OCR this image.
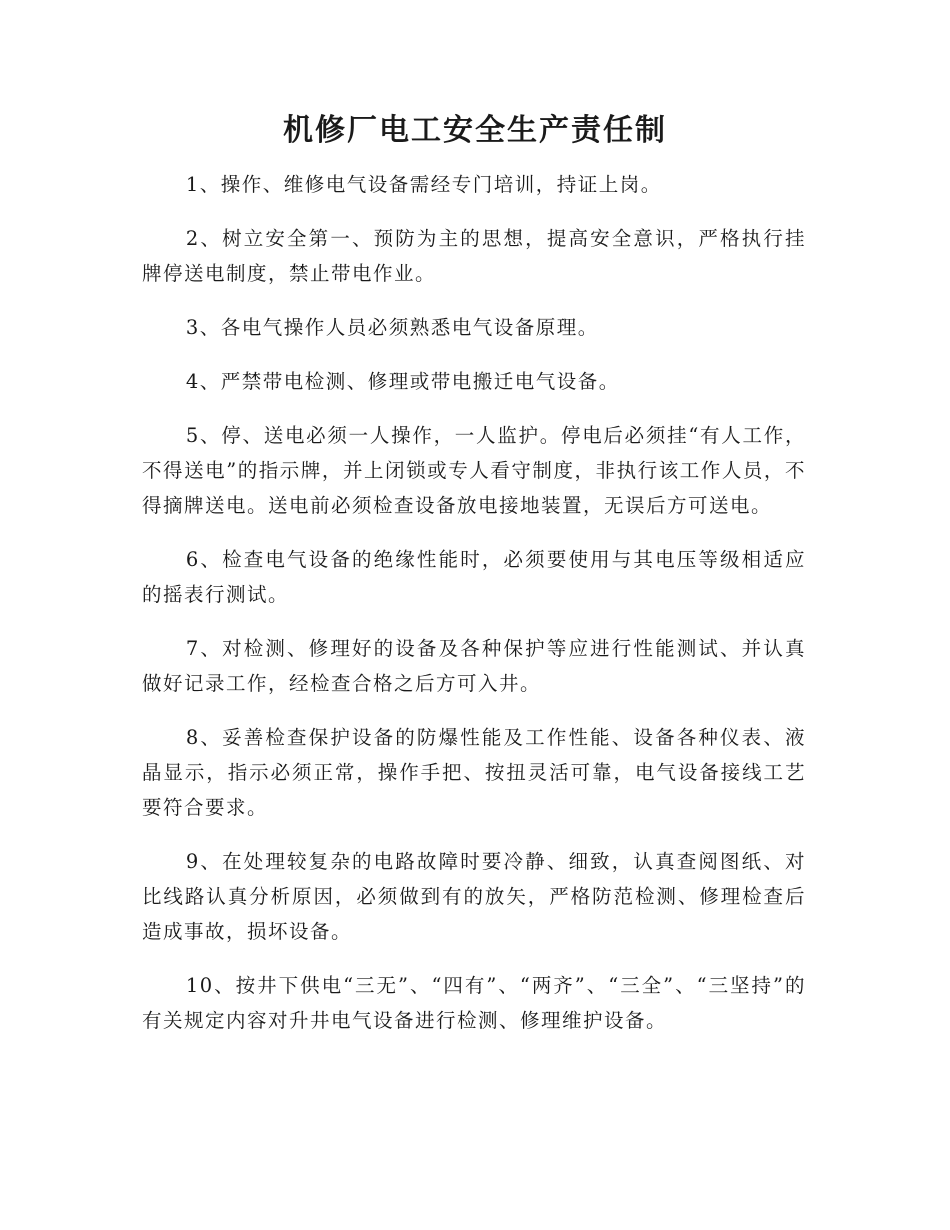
机修厂电工安全生产责任制

1、操作、维修电气设备需经专门培训，持证上岗。

2、树立安全第一、预防为主的思想，提高安全意识，严格执行挂牌停送电制度，禁止带电作业。

3、各电气操作人员必须熟悉电气设备原理。

4、严禁带电检测、修理或带电搬迁电气设备。

5、停、送电必须一人操作，一人监护。停电后必须挂“有人工作，不得送电”的指示牌，并上闭锁或专人看守制度，非执行该工作人员，不得摘牌送电。送电前必须检查设备放电接地装置，无误后方可送电。

6、检查电气设备的绝缘性能时，必须要使用与其电压等级相适应的摇表行测试。

7、对检测、修理好的设备及各种保护等应进行性能测试、并认真做好记录工作，经检查合格之后方可入井。

8、妥善检查保护设备的防爆性能及工作性能、设备各种仪表、液晶显示，指示必须正常，操作手把、按扭灵活可靠，电气设备接线工艺要符合要求。

9、在处理较复杂的电路故障时要冷静、细致，认真查阅图纸、对比线路认真分析原因，必须做到有的放矢，严格防范检测、修理检查后造成事故，损坏设备。

10、按井下供电“三无”、“四有”、“两齐”、“三全”、“三坚持”的有关规定内容对升井电气设备进行检测、修理维护设备。
